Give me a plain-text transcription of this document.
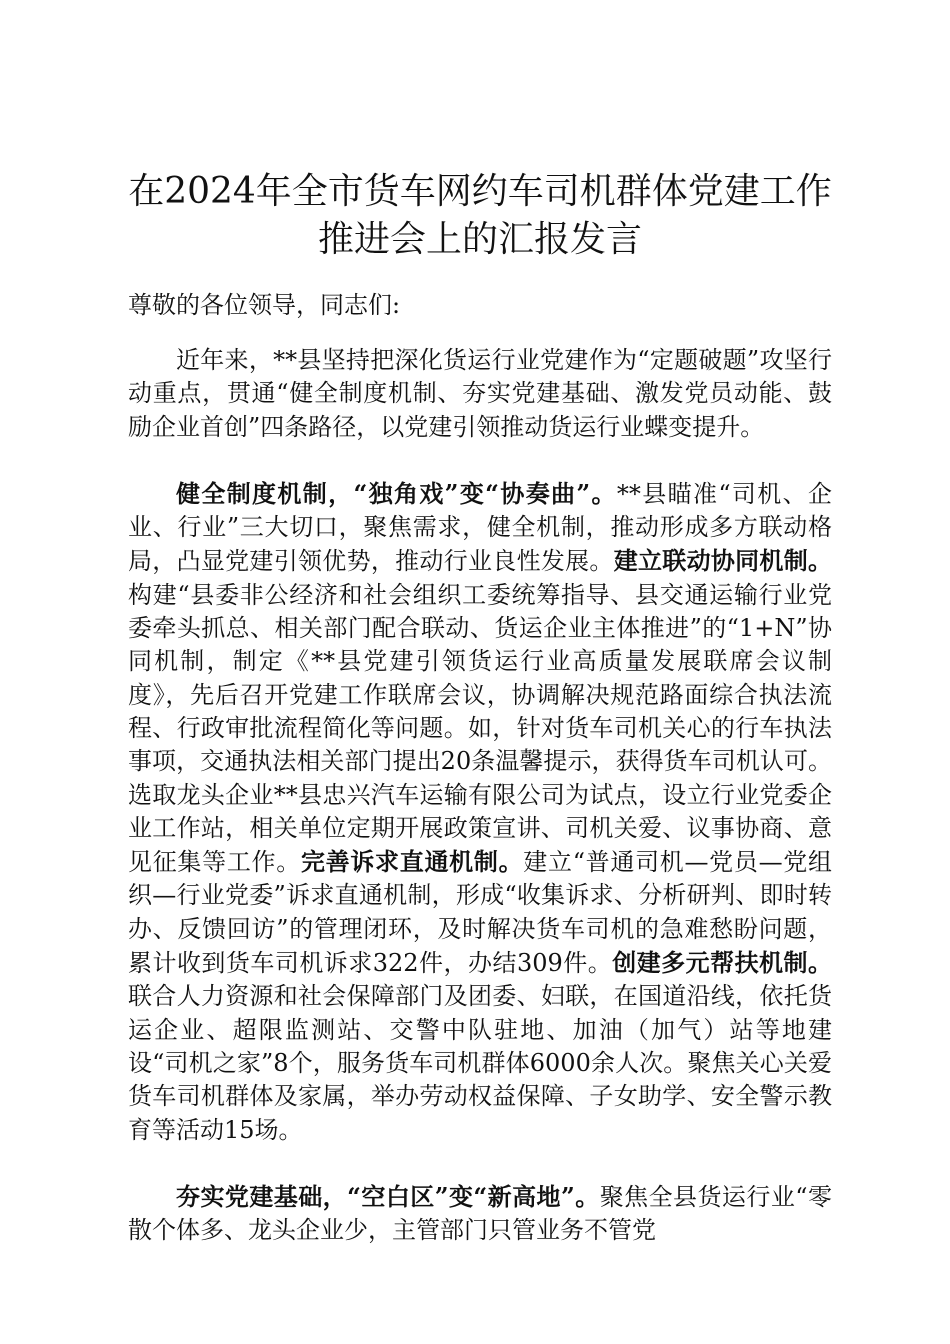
在2024年全市货车网约车司机群体党建工作
推进会上的汇报发言

尊敬的各位领导，同志们:

近年来，**县坚持把深化货运行业党建作为“定题破题”攻坚行动重点，贯通“健全制度机制、夯实党建基础、激发党员动能、鼓励企业首创”四条路径，以党建引领推动货运行业蝶变提升。

健全制度机制，“独角戏”变“协奏曲”。**县瞄准“司机、企业、行业”三大切口，聚焦需求，健全机制，推动形成多方联动格局，凸显党建引领优势，推动行业良性发展。建立联动协同机制。构建“县委非公经济和社会组织工委统筹指导、县交通运输行业党委牵头抓总、相关部门配合联动、货运企业主体推进”的“1+N”协同机制，制定《**县党建引领货运行业高质量发展联席会议制度》，先后召开党建工作联席会议，协调解决规范路面综合执法流程、行政审批流程简化等问题。如，针对货车司机关心的行车执法事项，交通执法相关部门提出20条温馨提示，获得货车司机认可。选取龙头企业**县忠兴汽车运输有限公司为试点，设立行业党委企业工作站，相关单位定期开展政策宣讲、司机关爱、议事协商、意见征集等工作。完善诉求直通机制。建立“普通司机—党员—党组织—行业党委”诉求直通机制，形成“收集诉求、分析研判、即时转办、反馈回访”的管理闭环，及时解决货车司机的急难愁盼问题，累计收到货车司机诉求322件，办结309件。创建多元帮扶机制。联合人力资源和社会保障部门及团委、妇联，在国道沿线，依托货运企业、超限监测站、交警中队驻地、加油（加气）站等地建设“司机之家”8个，服务货车司机群体6000余人次。聚焦关心关爱货车司机群体及家属，举办劳动权益保障、子女助学、安全警示教育等活动15场。

夯实党建基础，“空白区”变“新高地”。聚焦全县货运行业“零散个体多、龙头企业少，主管部门只管业务不管党
